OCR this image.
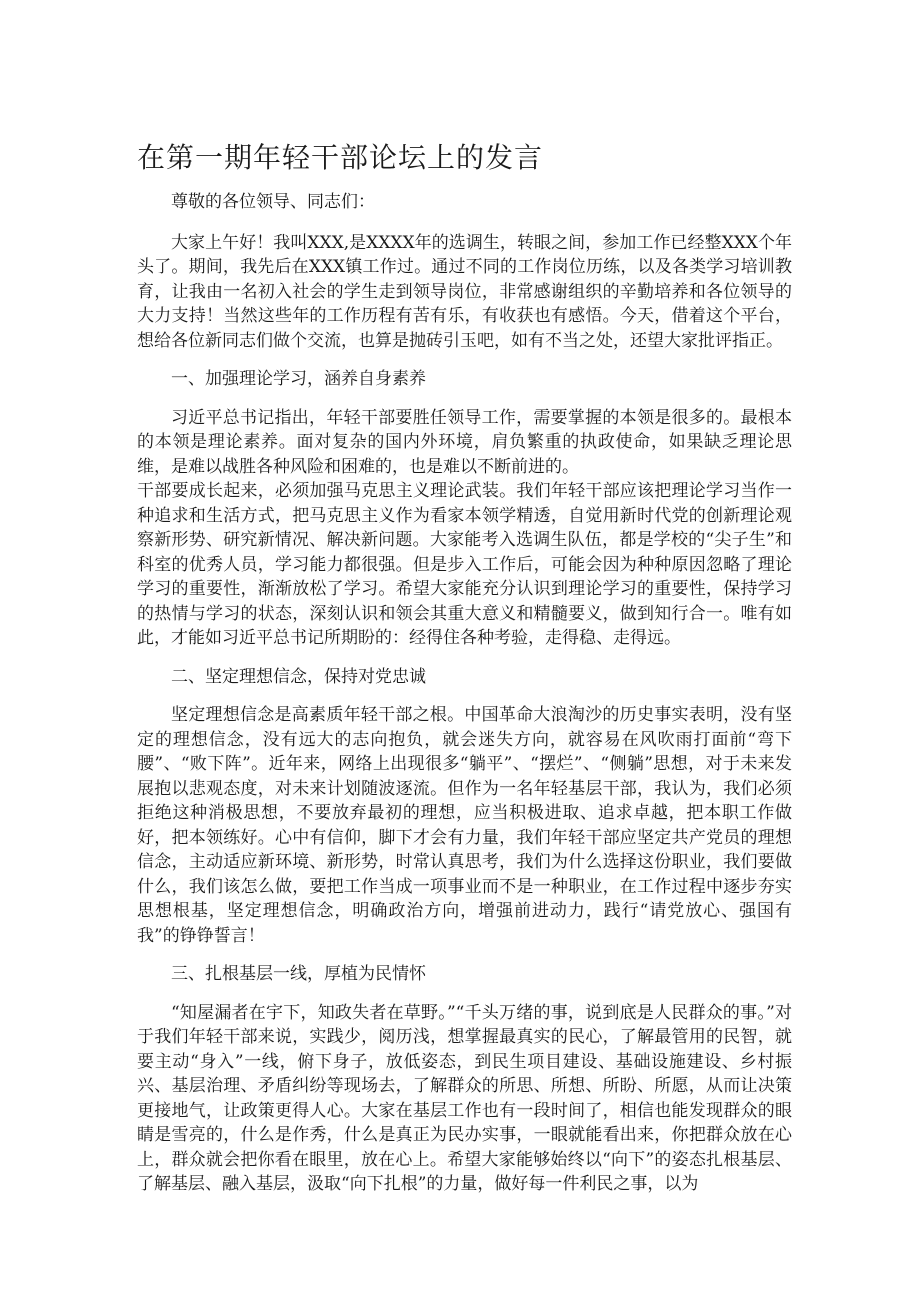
在第一期年轻干部论坛上的发言

尊敬的各位领导、同志们：

大家上午好！我叫XXX,是XXXX年的选调生，转眼之间，参加工作已经整XXX个年头了。期间，我先后在XXX镇工作过。通过不同的工作岗位历练，以及各类学习培训教育，让我由一名初入社会的学生走到领导岗位，非常感谢组织的辛勤培养和各位领导的大力支持！当然这些年的工作历程有苦有乐，有收获也有感悟。今天，借着这个平台，想给各位新同志们做个交流，也算是抛砖引玉吧，如有不当之处，还望大家批评指正。

一、加强理论学习，涵养自身素养

习近平总书记指出，年轻干部要胜任领导工作，需要掌握的本领是很多的。最根本的本领是理论素养。面对复杂的国内外环境，肩负繁重的执政使命，如果缺乏理论思维，是难以战胜各种风险和困难的，也是难以不断前进的。

干部要成长起来，必须加强马克思主义理论武装。我们年轻干部应该把理论学习当作一种追求和生活方式，把马克思主义作为看家本领学精透，自觉用新时代党的创新理论观察新形势、研究新情况、解决新问题。大家能考入选调生队伍，都是学校的“尖子生”和科室的优秀人员，学习能力都很强。但是步入工作后，可能会因为种种原因忽略了理论学习的重要性，渐渐放松了学习。希望大家能充分认识到理论学习的重要性，保持学习的热情与学习的状态，深刻认识和领会其重大意义和精髓要义，做到知行合一。唯有如此，才能如习近平总书记所期盼的：经得住各种考验，走得稳、走得远。

二、坚定理想信念，保持对党忠诚

坚定理想信念是高素质年轻干部之根。中国革命大浪淘沙的历史事实表明，没有坚定的理想信念，没有远大的志向抱负，就会迷失方向，就容易在风吹雨打面前“弯下腰”、“败下阵”。近年来，网络上出现很多“躺平”、“摆烂”、“侧躺”思想，对于未来发展抱以悲观态度，对未来计划随波逐流。但作为一名年轻基层干部，我认为，我们必须拒绝这种消极思想，不要放弃最初的理想，应当积极进取、追求卓越，把本职工作做好，把本领练好。心中有信仰，脚下才会有力量，我们年轻干部应坚定共产党员的理想信念，主动适应新环境、新形势，时常认真思考，我们为什么选择这份职业，我们要做什么，我们该怎么做，要把工作当成一项事业而不是一种职业，在工作过程中逐步夯实思想根基，坚定理想信念，明确政治方向，增强前进动力，践行“请党放心、强国有我”的铮铮誓言！

三、扎根基层一线，厚植为民情怀

“知屋漏者在宇下，知政失者在草野。”“千头万绪的事，说到底是人民群众的事。”对于我们年轻干部来说，实践少，阅历浅，想掌握最真实的民心，了解最管用的民智，就要主动“身入”一线，俯下身子，放低姿态，到民生项目建设、基础设施建设、乡村振兴、基层治理、矛盾纠纷等现场去，了解群众的所思、所想、所盼、所愿，从而让决策更接地气，让政策更得人心。大家在基层工作也有一段时间了，相信也能发现群众的眼睛是雪亮的，什么是作秀，什么是真正为民办实事，一眼就能看出来，你把群众放在心上，群众就会把你看在眼里，放在心上。希望大家能够始终以“向下”的姿态扎根基层、了解基层、融入基层，汲取“向下扎根”的力量，做好每一件利民之事，以为
